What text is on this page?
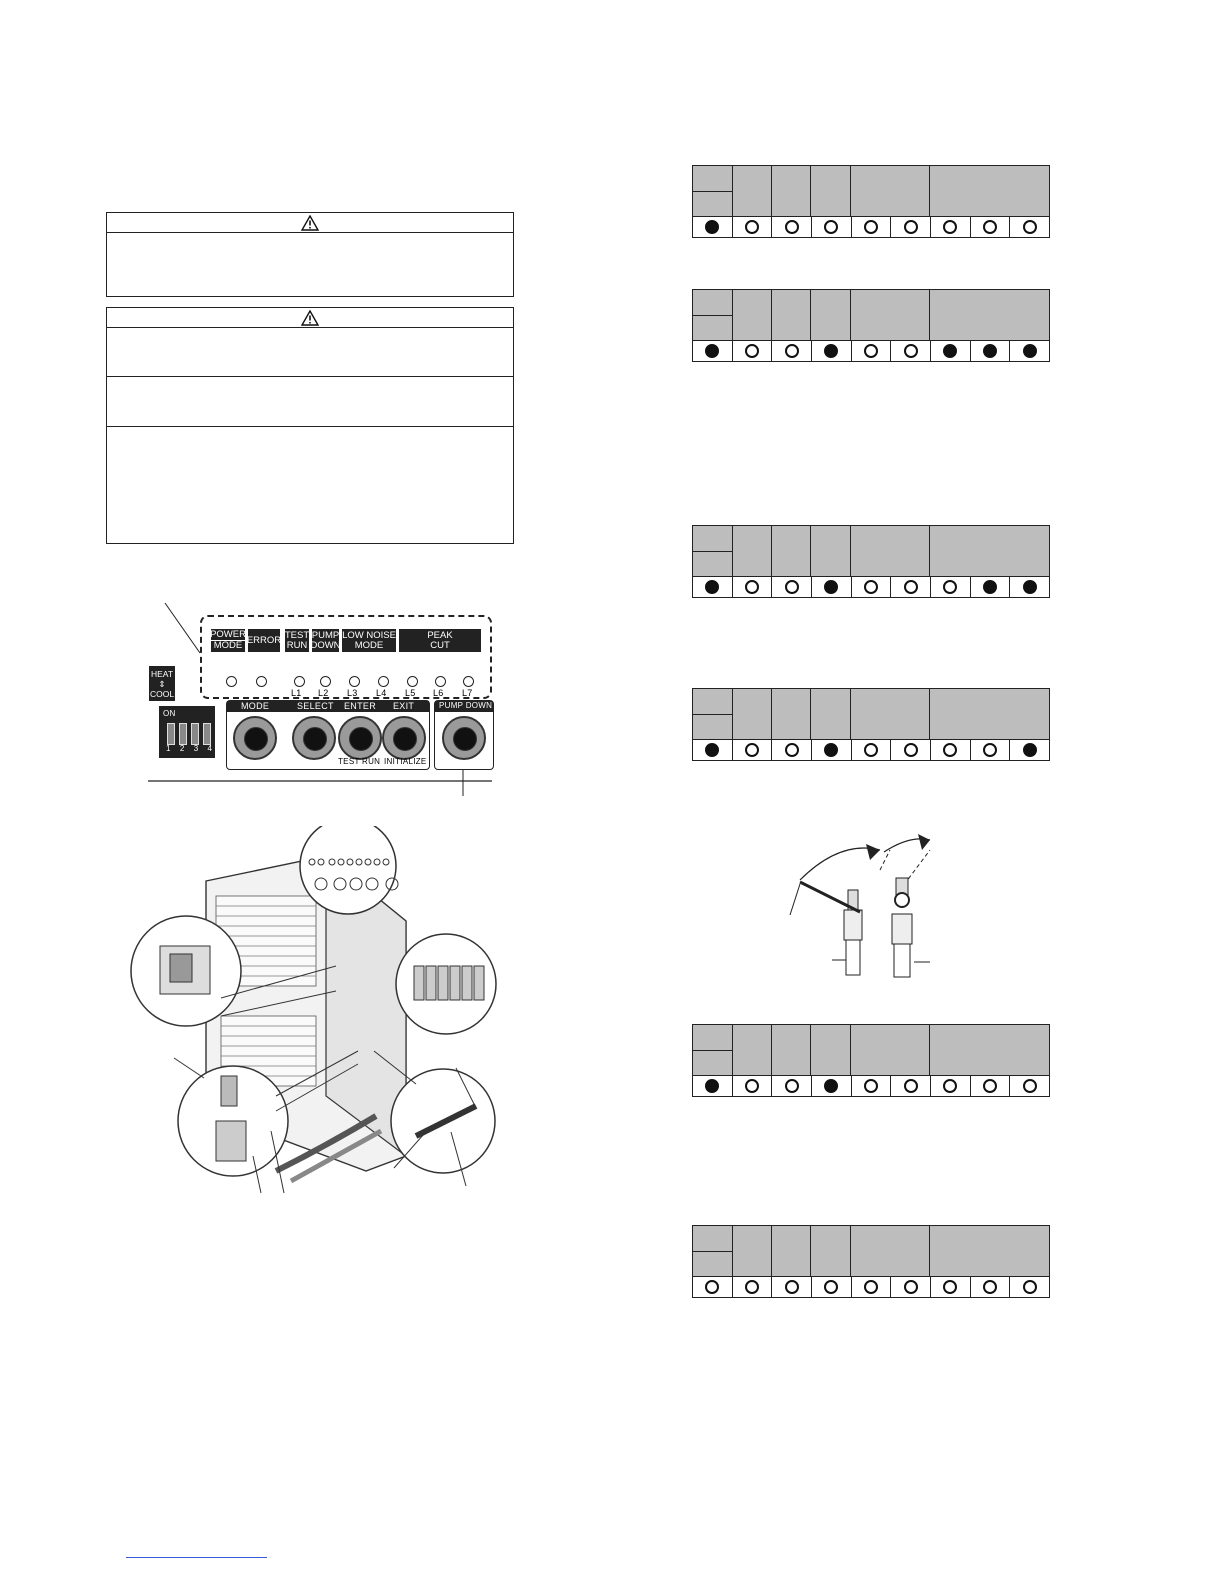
POWER
MODE ERROR TEST
RUN
PUMP
DOWN
LOW NOISE
MODE
PEAK
CUT
HEAT
⇕
COOL	L1 L2 L3 L4 L5 L6 L7
ON
1 2 3 4
MODE	SELECT ENTER EXIT
TEST RUN INITIALIZE
PUMP DOWN
